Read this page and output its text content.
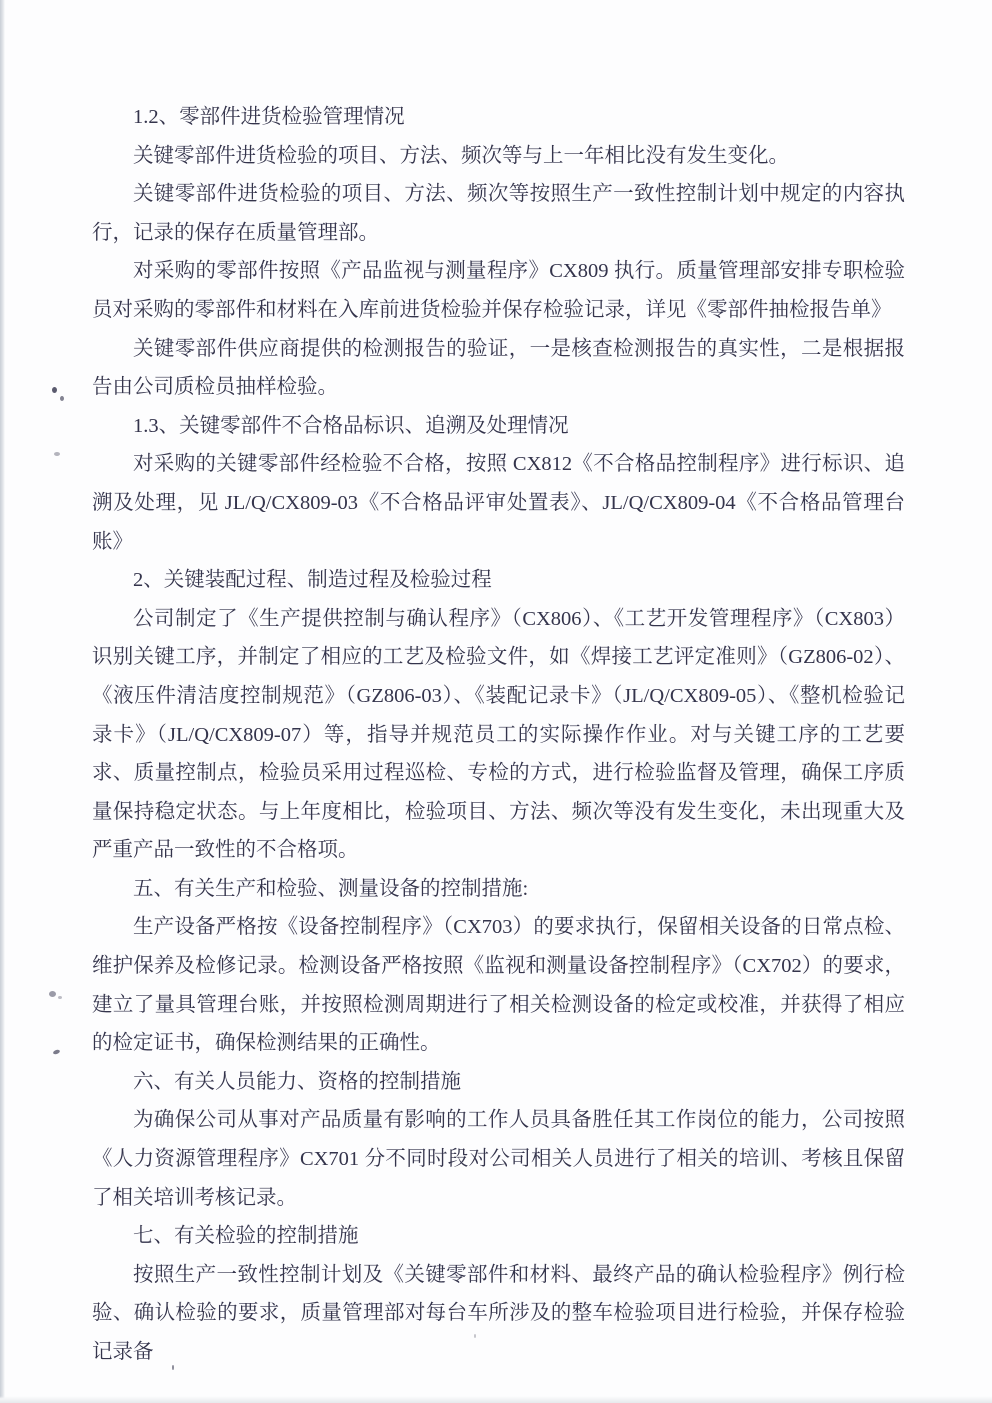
1.2、零部件进货检验管理情况

关键零部件进货检验的项目、方法、频次等与上一年相比没有发生变化。

关键零部件进货检验的项目、方法、频次等按照生产一致性控制计划中规定的内容执行，记录的保存在质量管理部。

对采购的零部件按照《产品监视与测量程序》CX809 执行。质量管理部安排专职检验员对采购的零部件和材料在入库前进货检验并保存检验记录，详见《零部件抽检报告单》

关键零部件供应商提供的检测报告的验证，一是核查检测报告的真实性，二是根据报告由公司质检员抽样检验。

1.3、关键零部件不合格品标识、追溯及处理情况

对采购的关键零部件经检验不合格，按照 CX812《不合格品控制程序》进行标识、追溯及处理，见 JL/Q/CX809-03《不合格品评审处置表》、JL/Q/CX809-04《不合格品管理台账》

2、关键装配过程、制造过程及检验过程

公司制定了《生产提供控制与确认程序》（CX806）、《工艺开发管理程序》（CX803）识别关键工序，并制定了相应的工艺及检验文件，如《焊接工艺评定准则》（GZ806-02）、《液压件清洁度控制规范》（GZ806-03）、《装配记录卡》（JL/Q/CX809-05）、《整机检验记录卡》（JL/Q/CX809-07）等，指导并规范员工的实际操作作业。对与关键工序的工艺要求、质量控制点，检验员采用过程巡检、专检的方式，进行检验监督及管理，确保工序质量保持稳定状态。与上年度相比，检验项目、方法、频次等没有发生变化，未出现重大及严重产品一致性的不合格项。

五、有关生产和检验、测量设备的控制措施:

生产设备严格按《设备控制程序》（CX703）的要求执行，保留相关设备的日常点检、维护保养及检修记录。检测设备严格按照《监视和测量设备控制程序》（CX702）的要求，建立了量具管理台账，并按照检测周期进行了相关检测设备的检定或校准，并获得了相应的检定证书，确保检测结果的正确性。

六、有关人员能力、资格的控制措施

为确保公司从事对产品质量有影响的工作人员具备胜任其工作岗位的能力，公司按照《人力资源管理程序》CX701 分不同时段对公司相关人员进行了相关的培训、考核且保留了相关培训考核记录。

七、有关检验的控制措施

按照生产一致性控制计划及《关键零部件和材料、最终产品的确认检验程序》例行检验、确认检验的要求，质量管理部对每台车所涉及的整车检验项目进行检验，并保存检验记录备
